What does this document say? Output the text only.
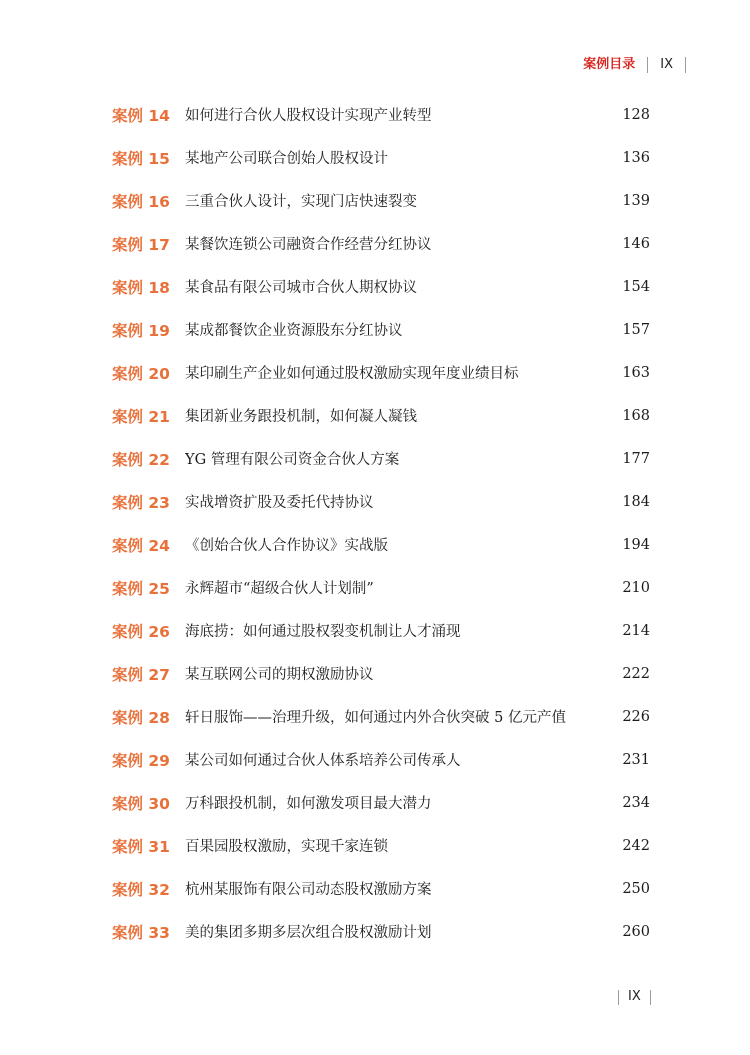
案例目录 IX
案例 14	如何进行合伙人股权设计实现产业转型	128
案例 15	某地产公司联合创始人股权设计	136
案例 16	三重合伙人设计，实现门店快速裂变	139
案例 17	某餐饮连锁公司融资合作经营分红协议	146
案例 18	某食品有限公司城市合伙人期权协议	154
案例 19	某成都餐饮企业资源股东分红协议	157
案例 20	某印刷生产企业如何通过股权激励实现年度业绩目标	163
案例 21	集团新业务跟投机制，如何凝人凝钱	168
案例 22	YG 管理有限公司资金合伙人方案	177
案例 23	实战增资扩股及委托代持协议	184
案例 24	《创始合伙人合作协议》实战版	194
案例 25	永辉超市“超级合伙人计划制”	210
案例 26	海底捞：如何通过股权裂变机制让人才涌现	214
案例 27	某互联网公司的期权激励协议	222
案例 28	轩日服饰——治理升级，如何通过内外合伙突破 5 亿元产值	226
案例 29	某公司如何通过合伙人体系培养公司传承人	231
案例 30	万科跟投机制，如何激发项目最大潜力	234
案例 31	百果园股权激励，实现千家连锁	242
案例 32	杭州某服饰有限公司动态股权激励方案	250
案例 33	美的集团多期多层次组合股权激励计划	260
IX
